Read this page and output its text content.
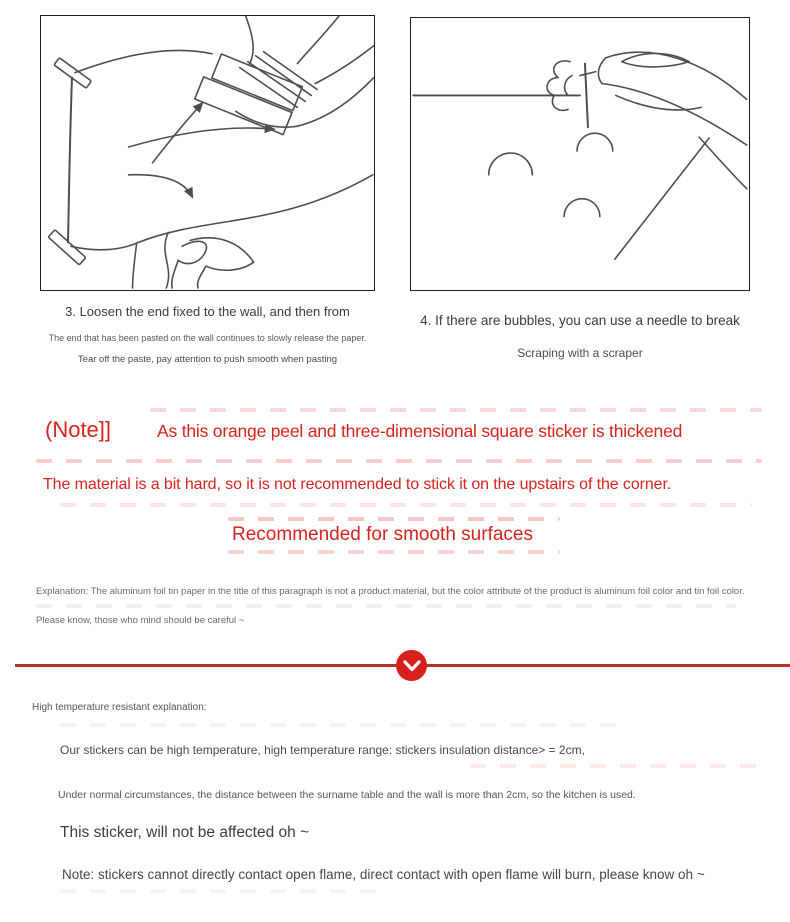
3. Loosen the end fixed to the wall, and then from
The end that has been pasted on the wall continues to slowly release the paper.
Tear off the paste, pay attention to push smooth when pasting
4. If there are bubbles, you can use a needle to break
Scraping with a scraper
(Note]]	As this orange peel and three-dimensional square sticker is thickened
The material is a bit hard, so it is not recommended to stick it on the upstairs of the corner.
Recommended for smooth surfaces
Explanation: The aluminum foil tin paper in the title of this paragraph is not a product material, but the color attribute of the product is aluminum foil color and tin foil color.
Please know, those who mind should be careful ~
High temperature resistant explanation:
Our stickers can be high temperature, high temperature range: stickers insulation distance> = 2cm,
Under normal circumstances, the distance between the surname table and the wall is more than 2cm, so the kitchen is used.
This sticker, will not be affected oh ~
Note: stickers cannot directly contact open flame, direct contact with open flame will burn, please know oh ~
